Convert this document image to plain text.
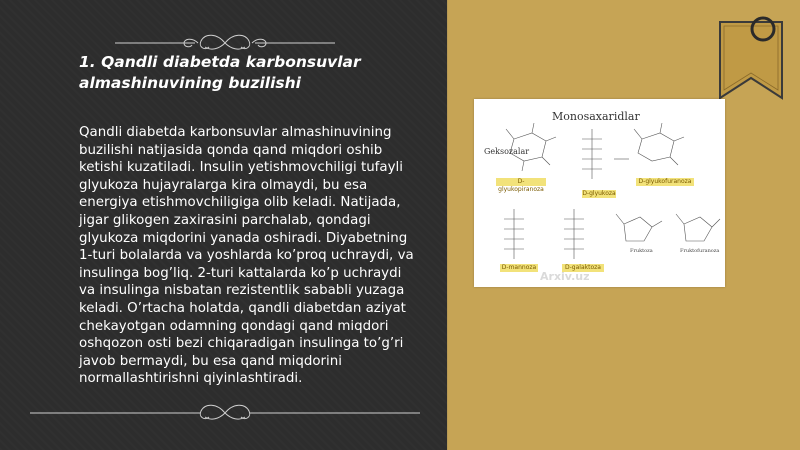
1. Qandli diabetda karbonsuvlar almashinuvining buzilishi

Qandli diabetda karbonsuvlar almashinuvining buzilishi natijasida qonda qand miqdori oshib ketishi kuzatiladi. Insulin yetishmovchiligi tufayli glyukoza hujayralarga kira olmaydi, bu esa energiya etishmovchiligiga olib keladi. Natijada, jigar glikogen zaxirasini parchalab, qondagi glyukoza miqdorini yanada oshiradi. Diyabetning 1-turi bolalarda va yoshlarda ko’proq uchraydi, va insulinga bog’liq. 2-turi kattalarda ko’p uchraydi va insulinga nisbatan rezistentlik sababli yuzaga keladi. O’rtacha holatda, qandli diabetdan aziyat chekayotgan odamning qondagi qand miqdori oshqozon osti bezi chiqaradigan insulinga to’g’ri javob bermaydi, bu esa qand miqdorini normallashtirishni qiyinlashtiradi.

Monosaxaridlar
Geksozalar
D-glyukopiranoza
D-glyukoza
D-glyukofuranoza
D-mannoza	D-galaktoza
Fruktoza	Fruktofuranoza
Arxiv.uz
